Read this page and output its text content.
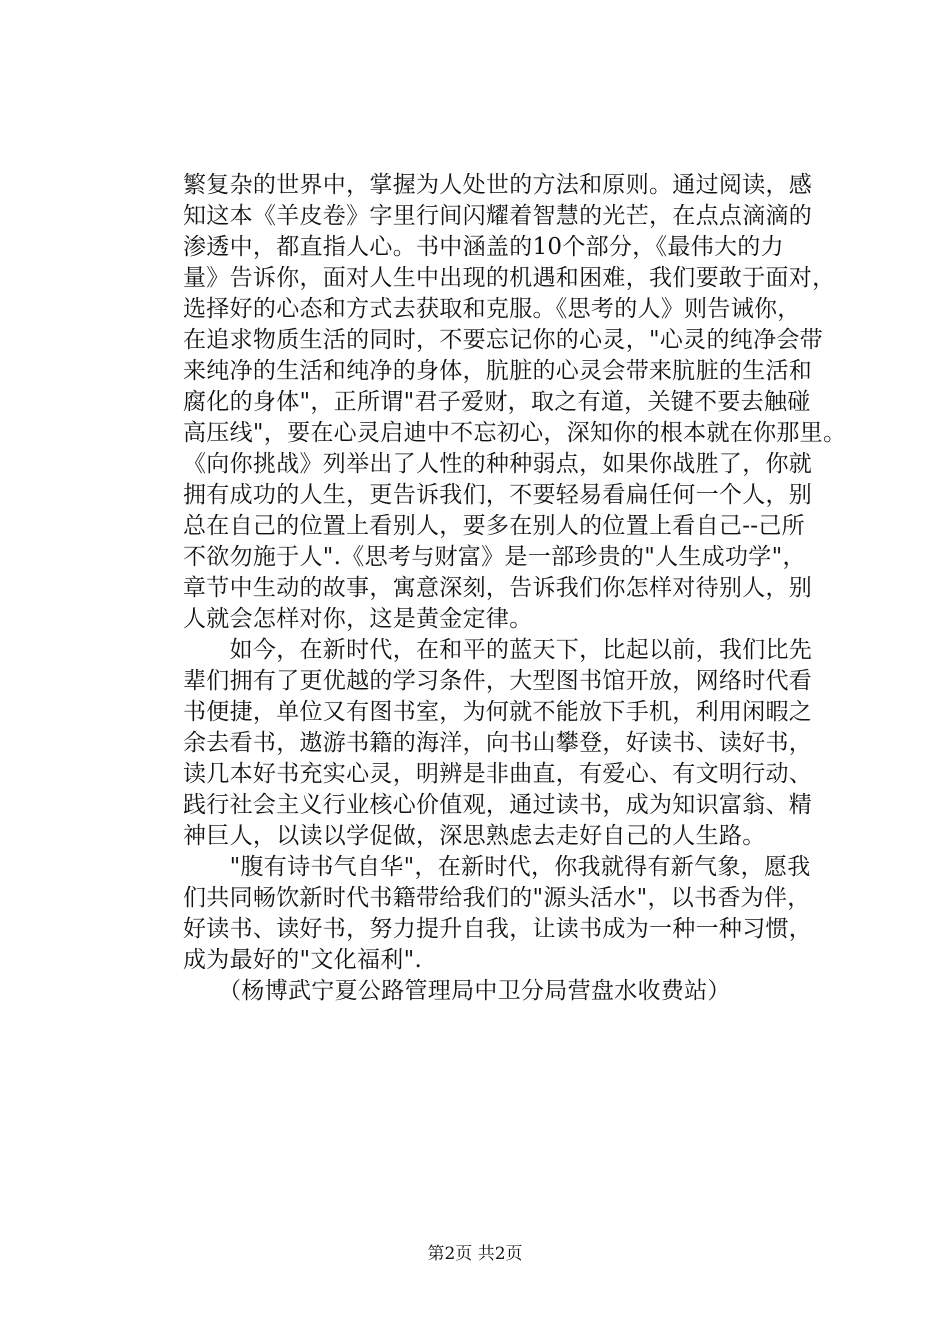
繁复杂的世界中，掌握为人处世的方法和原则。通过阅读，感
知这本《羊皮卷》字里行间闪耀着智慧的光芒，在点点滴滴的
渗透中，都直指人心。书中涵盖的10个部分，《最伟大的力
量》告诉你，面对人生中出现的机遇和困难，我们要敢于面对，
选择好的心态和方式去获取和克服。《思考的人》则告诫你，
在追求物质生活的同时，不要忘记你的心灵，"心灵的纯净会带
来纯净的生活和纯净的身体，肮脏的心灵会带来肮脏的生活和
腐化的身体"，正所谓"君子爱财，取之有道，关键不要去触碰
高压线"，要在心灵启迪中不忘初心，深知你的根本就在你那里。
《向你挑战》列举出了人性的种种弱点，如果你战胜了，你就
拥有成功的人生，更告诉我们，不要轻易看扁任何一个人，别
总在自己的位置上看别人，要多在别人的位置上看自己--己所
不欲勿施于人".《思考与财富》是一部珍贵的"人生成功学"，
章节中生动的故事，寓意深刻，告诉我们你怎样对待别人，别
人就会怎样对你，这是黄金定律。
　　如今，在新时代，在和平的蓝天下，比起以前，我们比先
辈们拥有了更优越的学习条件，大型图书馆开放，网络时代看
书便捷，单位又有图书室，为何就不能放下手机，利用闲暇之
余去看书，遨游书籍的海洋，向书山攀登，好读书、读好书，
读几本好书充实心灵，明辨是非曲直，有爱心、有文明行动、
践行社会主义行业核心价值观，通过读书，成为知识富翁、精
神巨人，以读以学促做，深思熟虑去走好自己的人生路。
　　"腹有诗书气自华"，在新时代，你我就得有新气象，愿我
们共同畅饮新时代书籍带给我们的"源头活水"，以书香为伴，
好读书、读好书，努力提升自我，让读书成为一种一种习惯，
成为最好的"文化福利".
　　（杨博武宁夏公路管理局中卫分局营盘水收费站）
第2页 共2页
